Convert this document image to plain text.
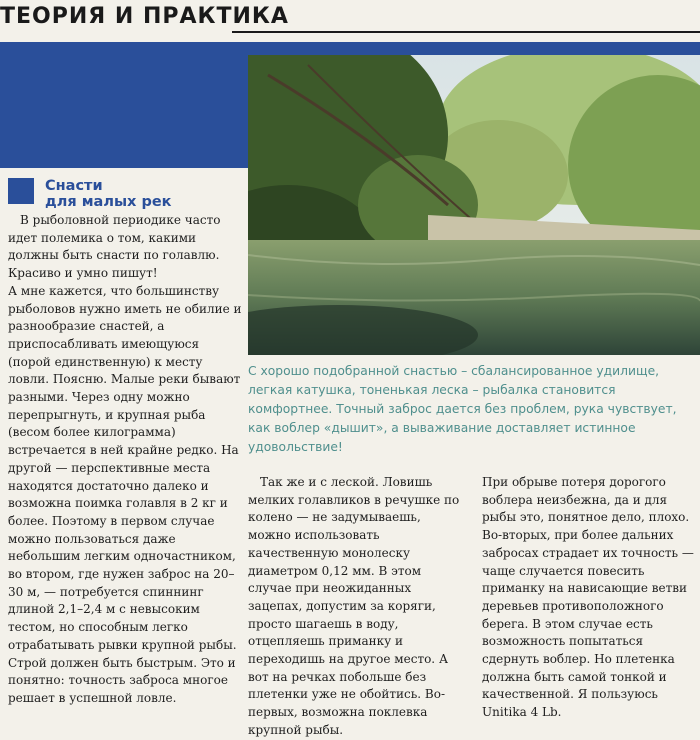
ТЕОРИЯ И ПРАКТИКА
Снасти
для малых рек

В рыболовной периодике часто идет полемика о том, какими должны быть снасти по голавлю. Красиво и умно пишут!

А мне кажется, что большинству рыболовов нужно иметь не обилие и разнообразие снастей, а приспосабливать имеющуюся (порой единственную) к месту ловли. Поясню. Малые реки бывают разными. Через одну можно перепрыгнуть, и крупная рыба (весом более килограмма) встречается в ней крайне редко. На другой — перспективные места находятся достаточно далеко и возможна поимка голавля в 2 кг и более. Поэтому в первом случае можно пользоваться даже небольшим легким одночастником, во втором, где нужен заброс на 20–30 м, — потребуется спиннинг длиной 2,1–2,4 м с невысоким тестом, но способным легко отрабатывать рывки крупной рыбы. Строй должен быть быстрым. Это и понятно: точность заброса многое решает в успешной ловле.

С хорошо подобранной снастью – сбалансированное удилище, легкая катушка, тоненькая леска – рыбалка становится комфортнее. Точный заброс дается без проблем, рука чувствует, как воблер «дышит», а вываживание доставляет истинное удовольствие!

Так же и с леской. Ловишь мелких голавликов в речушке по колено — не задумываешь, можно использовать качественную монолеску диаметром 0,12 мм. В этом случае при неожиданных зацепах, допустим за коряги, просто шагаешь в воду, отцепляешь приманку и переходишь на другое место. А вот на речках побольше без плетенки уже не обойтись. Во-первых, возможна поклевка крупной рыбы.

При обрыве потеря дорогого воблера неизбежна, да и для рыбы это, понятное дело, плохо. Во-вторых, при более дальних забросах страдает их точность — чаще случается повесить приманку на нависающие ветви деревьев противоположного берега. В этом случае есть возможность попытаться сдернуть воблер. Но плетенка должна быть самой тонкой и качественной. Я пользуюсь Unitika 4 Lb.
